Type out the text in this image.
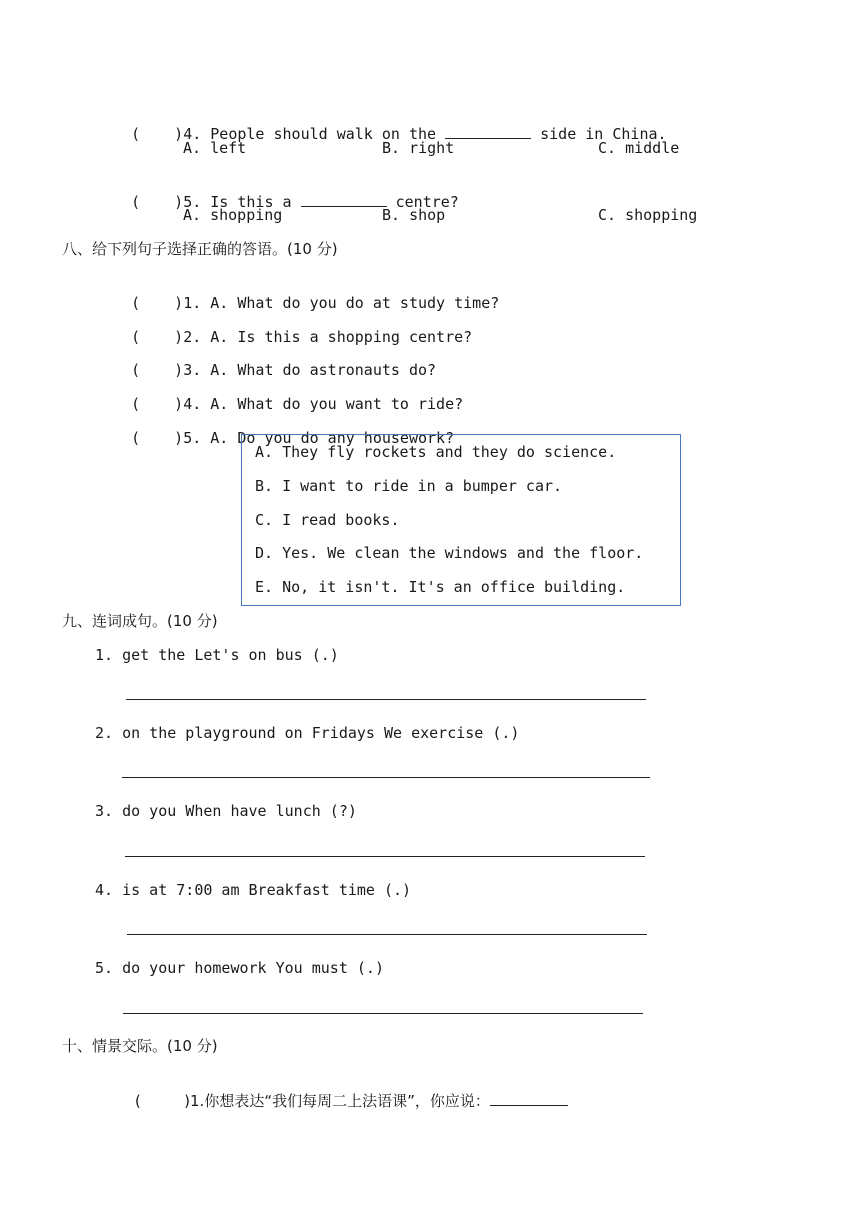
( )4. People should walk on the	side in China.

A. left	B. right	C. middle

( )5. Is this a	centre?

A. shopping	B. shop	C. shopping
八、给下列句子选择正确的答语。(10 分)

( )1. A. What do you do at study time?

( )2. A. Is this a shopping centre?

( )3. A. What do astronauts do?

( )4. A. What do you want to ride?

( )5. A. Do you do any housework?

A. They fly rockets and they do science.
B. I want to ride in a bumper car.
C. I read books.
D. Yes. We clean the windows and the floor.
E. No, it isn't. It's an office building.
九、连词成句。(10 分)
1. get the Let's on bus (.)
2. on the playground on Fridays We exercise (.)
3. do you When have lunch (?)
4. is at 7:00 am Breakfast time (.)
5. do your homework You must (.)
十、情景交际。(10 分)

(	)1.你想表达“我们每周二上法语课”，你应说：
